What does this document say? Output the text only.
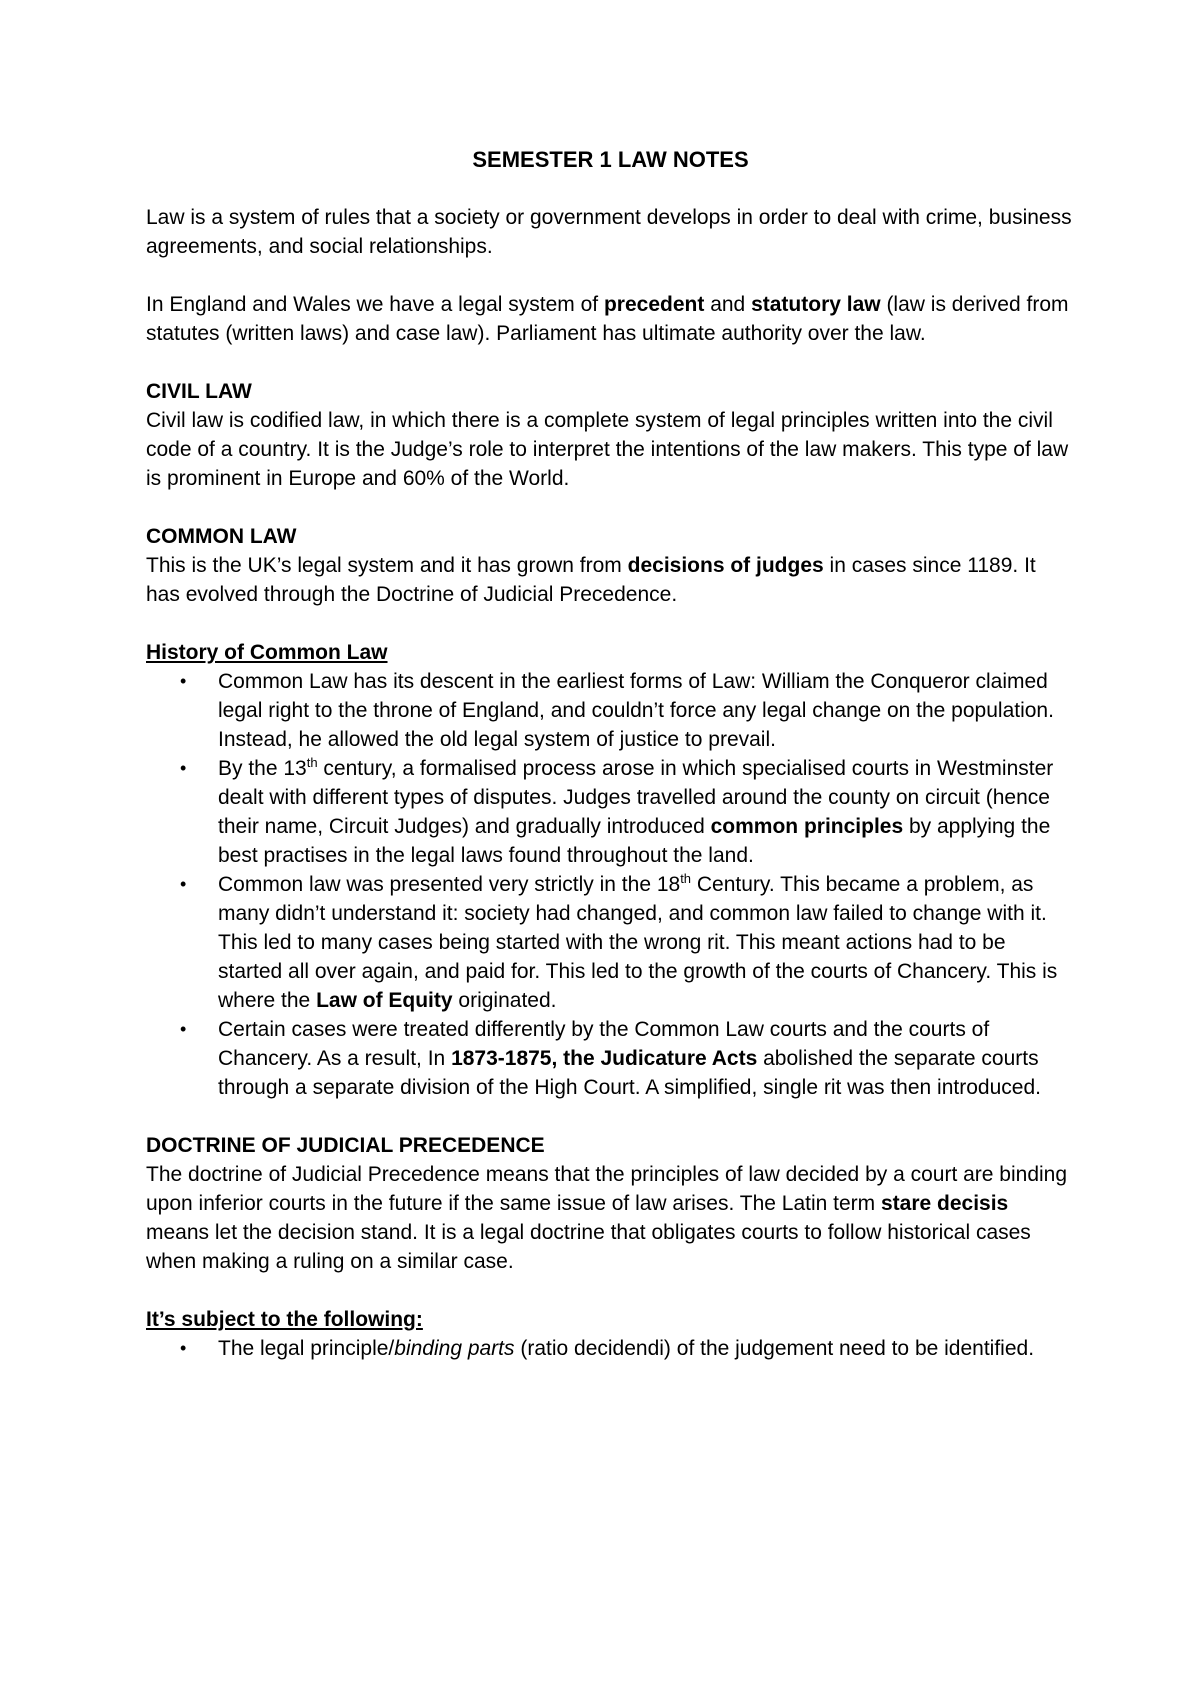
SEMESTER 1 LAW NOTES

Law is a system of rules that a society or government develops in order to deal with crime, business agreements, and social relationships.

In England and Wales we have a legal system of precedent and statutory law (law is derived from statutes (written laws) and case law). Parliament has ultimate authority over the law.

CIVIL LAW

Civil law is codified law, in which there is a complete system of legal principles written into the civil code of a country. It is the Judge’s role to interpret the intentions of the law makers. This type of law is prominent in Europe and 60% of the World.

COMMON LAW

This is the UK’s legal system and it has grown from decisions of judges in cases since 1189. It has evolved through the Doctrine of Judicial Precedence.

History of Common Law
• Common Law has its descent in the earliest forms of Law: William the Conqueror claimed legal right to the throne of England, and couldn’t force any legal change on the population. Instead, he allowed the old legal system of justice to prevail.
• By the 13th century, a formalised process arose in which specialised courts in Westminster dealt with different types of disputes. Judges travelled around the county on circuit (hence their name, Circuit Judges) and gradually introduced common principles by applying the best practises in the legal laws found throughout the land.
• Common law was presented very strictly in the 18th Century. This became a problem, as many didn’t understand it: society had changed, and common law failed to change with it. This led to many cases being started with the wrong rit. This meant actions had to be started all over again, and paid for. This led to the growth of the courts of Chancery. This is where the Law of Equity originated.
• Certain cases were treated differently by the Common Law courts and the courts of Chancery. As a result, In 1873-1875, the Judicature Acts abolished the separate courts through a separate division of the High Court. A simplified, single rit was then introduced.
DOCTRINE OF JUDICIAL PRECEDENCE

The doctrine of Judicial Precedence means that the principles of law decided by a court are binding upon inferior courts in the future if the same issue of law arises. The Latin term stare decisis means let the decision stand. It is a legal doctrine that obligates courts to follow historical cases when making a ruling on a similar case.

It’s subject to the following:
• The legal principle/binding parts (ratio decidendi) of the judgement need to be identified.
